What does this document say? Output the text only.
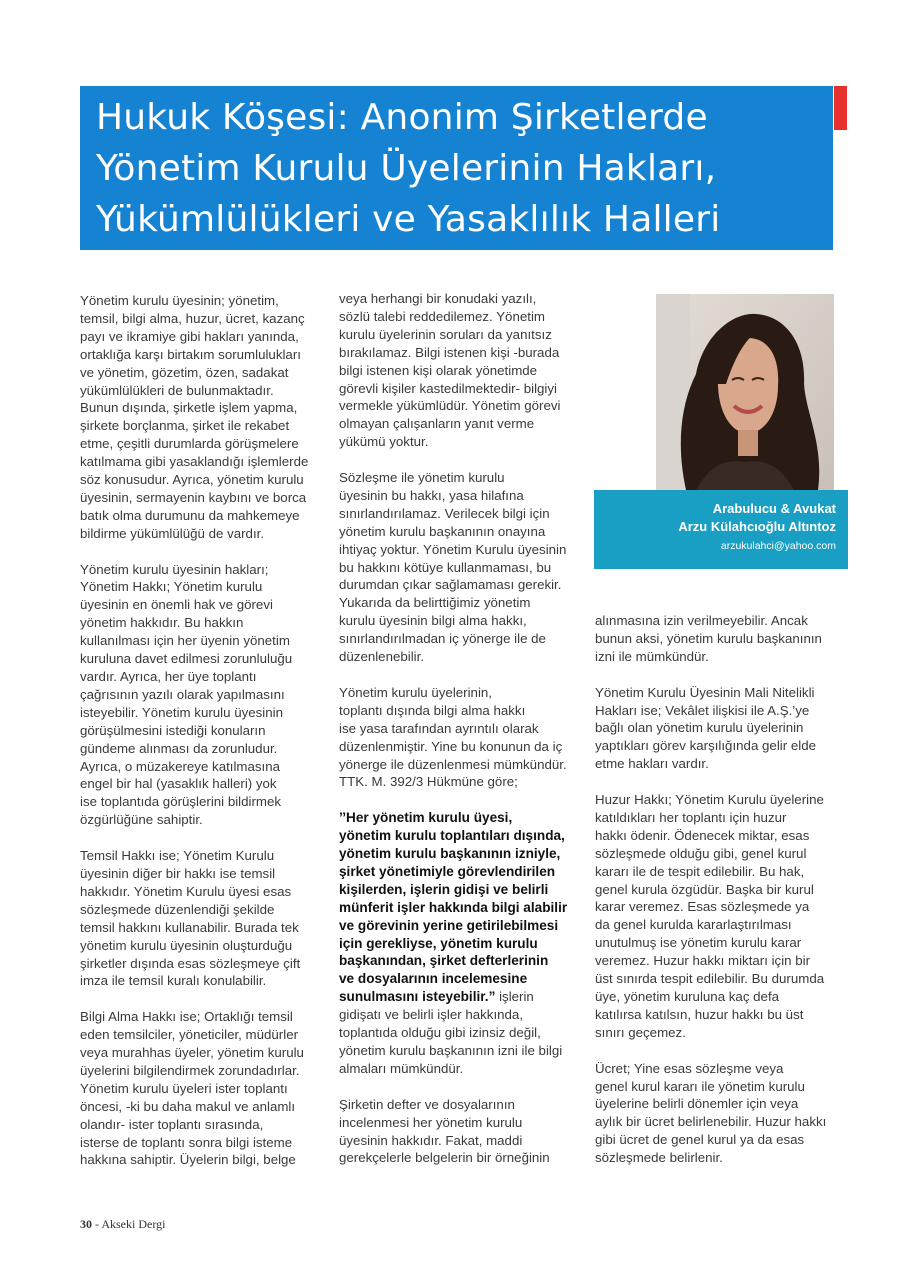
Hukuk Köşesi: Anonim Şirketlerde
Yönetim Kurulu Üyelerinin Hakları,
Yükümlülükleri ve Yasaklılık Halleri

Yönetim kurulu üyesinin; yönetim,
temsil, bilgi alma, huzur, ücret, kazanç
payı ve ikramiye gibi hakları yanında,
ortaklığa karşı birtakım sorumlulukları
ve yönetim, gözetim, özen, sadakat
yükümlülükleri de bulunmaktadır.
Bunun dışında, şirketle işlem yapma,
şirkete borçlanma, şirket ile rekabet
etme, çeşitli durumlarda görüşmelere
katılmama gibi yasaklandığı işlemlerde
söz konusudur. Ayrıca, yönetim kurulu
üyesinin, sermayenin kaybını ve borca
batık olma durumunu da mahkemeye
bildirme yükümlülüğü de vardır.

Yönetim kurulu üyesinin hakları;
Yönetim Hakkı; Yönetim kurulu
üyesinin en önemli hak ve görevi
yönetim hakkıdır. Bu hakkın
kullanılması için her üyenin yönetim
kuruluna davet edilmesi zorunluluğu
vardır. Ayrıca, her üye toplantı
çağrısının yazılı olarak yapılmasını
isteyebilir. Yönetim kurulu üyesinin
görüşülmesini istediği konuların
gündeme alınması da zorunludur.
Ayrıca, o müzakereye katılmasına
engel bir hal (yasaklık halleri) yok
ise toplantıda görüşlerini bildirmek
özgürlüğüne sahiptir.

Temsil Hakkı ise; Yönetim Kurulu
üyesinin diğer bir hakkı ise temsil
hakkıdır. Yönetim Kurulu üyesi esas
sözleşmede düzenlendiği şekilde
temsil hakkını kullanabilir. Burada tek
yönetim kurulu üyesinin oluşturduğu
şirketler dışında esas sözleşmeye çift
imza ile temsil kuralı konulabilir.

Bilgi Alma Hakkı ise; Ortaklığı temsil
eden temsilciler, yöneticiler, müdürler
veya murahhas üyeler, yönetim kurulu
üyelerini bilgilendirmek zorundadırlar.
Yönetim kurulu üyeleri ister toplantı
öncesi, -ki bu daha makul ve anlamlı
olandır- ister toplantı sırasında,
isterse de toplantı sonra bilgi isteme
hakkına sahiptir. Üyelerin bilgi, belge

veya herhangi bir konudaki yazılı,
sözlü talebi reddedilemez. Yönetim
kurulu üyelerinin soruları da yanıtsız
bırakılamaz. Bilgi istenen kişi -burada
bilgi istenen kişi olarak yönetimde
görevli kişiler kastedilmektedir- bilgiyi
vermekle yükümlüdür. Yönetim görevi
olmayan çalışanların yanıt verme
yükümü yoktur.

Sözleşme ile yönetim kurulu
üyesinin bu hakkı, yasa hilafına
sınırlandırılamaz. Verilecek bilgi için
yönetim kurulu başkanının onayına
ihtiyaç yoktur. Yönetim Kurulu üyesinin
bu hakkını kötüye kullanmaması, bu
durumdan çıkar sağlamaması gerekir.
Yukarıda da belirttiğimiz yönetim
kurulu üyesinin bilgi alma hakkı,
sınırlandırılmadan iç yönerge ile de
düzenlenebilir.

Yönetim kurulu üyelerinin,
toplantı dışında bilgi alma hakkı
ise yasa tarafından ayrıntılı olarak
düzenlenmiştir. Yine bu konunun da iç
yönerge ile düzenlenmesi mümkündür.
TTK. M. 392/3 Hükmüne göre;

’’Her yönetim kurulu üyesi,
yönetim kurulu toplantıları dışında,
yönetim kurulu başkanının izniyle,
şirket yönetimiyle görevlendirilen
kişilerden, işlerin gidişi ve belirli
münferit işler hakkında bilgi alabilir
ve görevinin yerine getirilebilmesi
için gerekliyse, yönetim kurulu
başkanından, şirket defterlerinin
ve dosyalarının incelemesine
sunulmasını isteyebilir.” işlerin
gidişatı ve belirli işler hakkında,
toplantıda olduğu gibi izinsiz değil,
yönetim kurulu başkanının izni ile bilgi
almaları mümkündür.

Şirketin defter ve dosyalarının
incelenmesi her yönetim kurulu
üyesinin hakkıdır. Fakat, maddi
gerekçelerle belgelerin bir örneğinin

Arabulucu & Avukat
Arzu Külahcıoğlu Altıntoz
arzukulahci@yahoo.com

alınmasına izin verilmeyebilir. Ancak
bunun aksi, yönetim kurulu başkanının
izni ile mümkündür.

Yönetim Kurulu Üyesinin Mali Nitelikli
Hakları ise; Vekâlet ilişkisi ile A.Ş.’ye
bağlı olan yönetim kurulu üyelerinin
yaptıkları görev karşılığında gelir elde
etme hakları vardır.

Huzur Hakkı; Yönetim Kurulu üyelerine
katıldıkları her toplantı için huzur
hakkı ödenir. Ödenecek miktar, esas
sözleşmede olduğu gibi, genel kurul
kararı ile de tespit edilebilir. Bu hak,
genel kurula özgüdür. Başka bir kurul
karar veremez. Esas sözleşmede ya
da genel kurulda kararlaştırılması
unutulmuş ise yönetim kurulu karar
veremez. Huzur hakkı miktarı için bir
üst sınırda tespit edilebilir. Bu durumda
üye, yönetim kuruluna kaç defa
katılırsa katılsın, huzur hakkı bu üst
sınırı geçemez.

Ücret; Yine esas sözleşme veya
genel kurul kararı ile yönetim kurulu
üyelerine belirli dönemler için veya
aylık bir ücret belirlenebilir. Huzur hakkı
gibi ücret de genel kurul ya da esas
sözleşmede belirlenir.

30 - Akseki Dergi
